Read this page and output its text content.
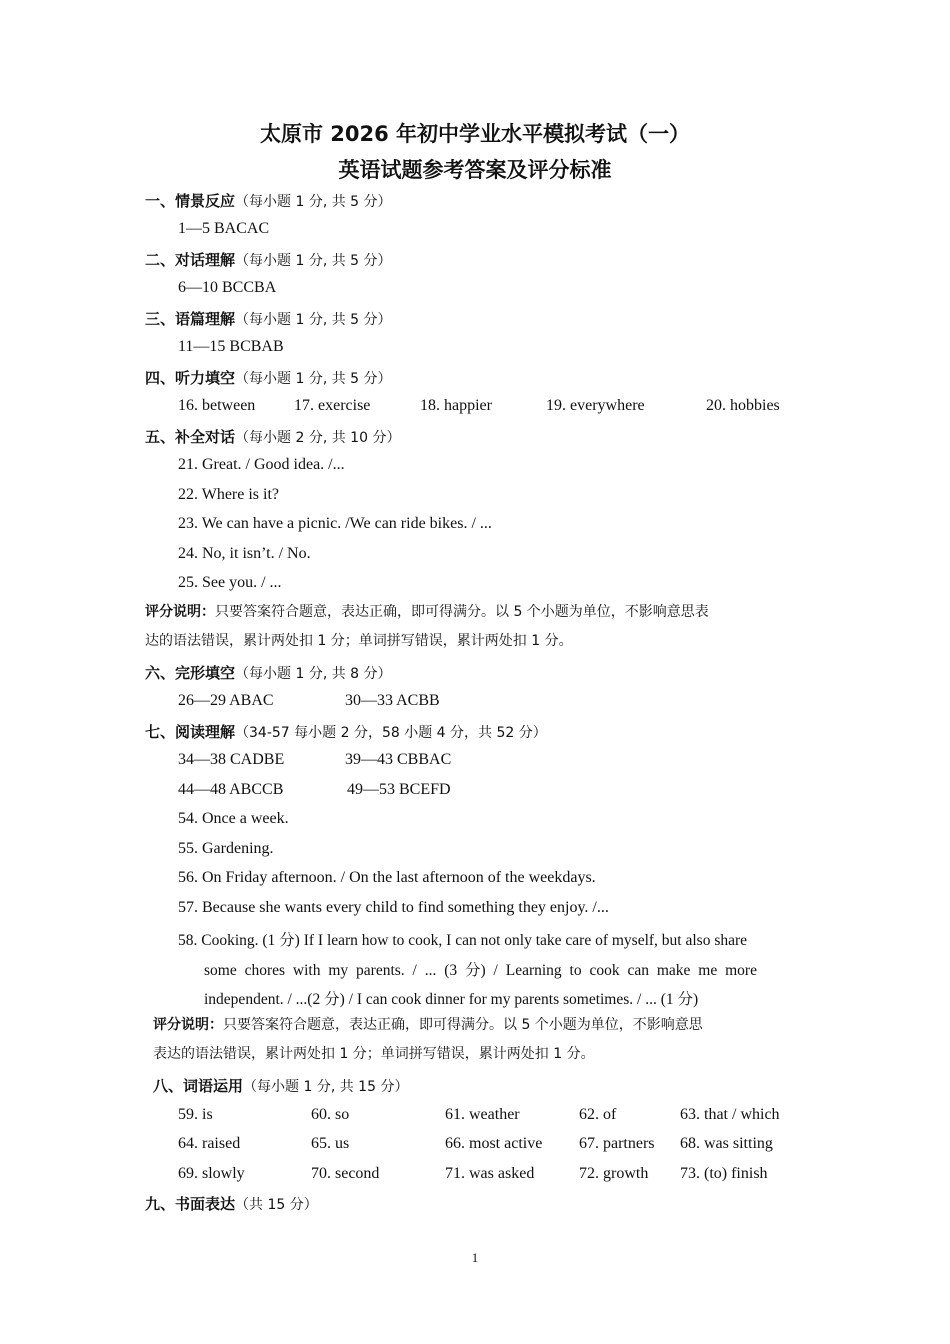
太原市 2026 年初中学业水平模拟考试（一）
英语试题参考答案及评分标准
一、情景反应（每小题 1 分, 共 5 分）
1—5 BACAC
二、对话理解（每小题 1 分, 共 5 分）
6—10 BCCBA
三、语篇理解（每小题 1 分, 共 5 分）
11—15 BCBAB
四、听力填空（每小题 1 分, 共 5 分）
16. between 17. exercise	18. happier	19. everywhere	20. hobbies
五、补全对话（每小题 2 分, 共 10 分）
21. Great. / Good idea. /...
22. Where is it?
23. We can have a picnic. /We can ride bikes. / ...
24. No, it isn’t. / No.
25. See you. / ...
评分说明：只要答案符合题意，表达正确，即可得满分。以 5 个小题为单位，不影响意思表
达的语法错误，累计两处扣 1 分；单词拼写错误，累计两处扣 1 分。
六、完形填空（每小题 1 分, 共 8 分）
26—29 ABAC	30—33 ACBB
七、阅读理解（34-57 每小题 2 分，58 小题 4 分，共 52 分）
34—38 CADBE	39—43 CBBAC
44—48 ABCCB	49—53 BCEFD
54. Once a week.
55. Gardening.
56. On Friday afternoon. / On the last afternoon of the weekdays.
57. Because she wants every child to find something they enjoy. /...
58. Cooking. (1 分) If I learn how to cook, I can not only take care of myself, but also share
some chores with my parents. / ... (3 分) / Learning to cook can make me more
independent. / ...(2 分) / I can cook dinner for my parents sometimes. / ... (1 分)
评分说明：只要答案符合题意，表达正确，即可得满分。以 5 个小题为单位，不影响意思
表达的语法错误，累计两处扣 1 分；单词拼写错误，累计两处扣 1 分。
八、词语运用（每小题 1 分, 共 15 分）
59. is	60. so	61. weather	62. of	63. that / which
64. raised	65. us	66. most active 67. partners 68. was sitting
69. slowly	70. second	71. was asked	72. growth 73. (to) finish
九、书面表达（共 15 分）
1
